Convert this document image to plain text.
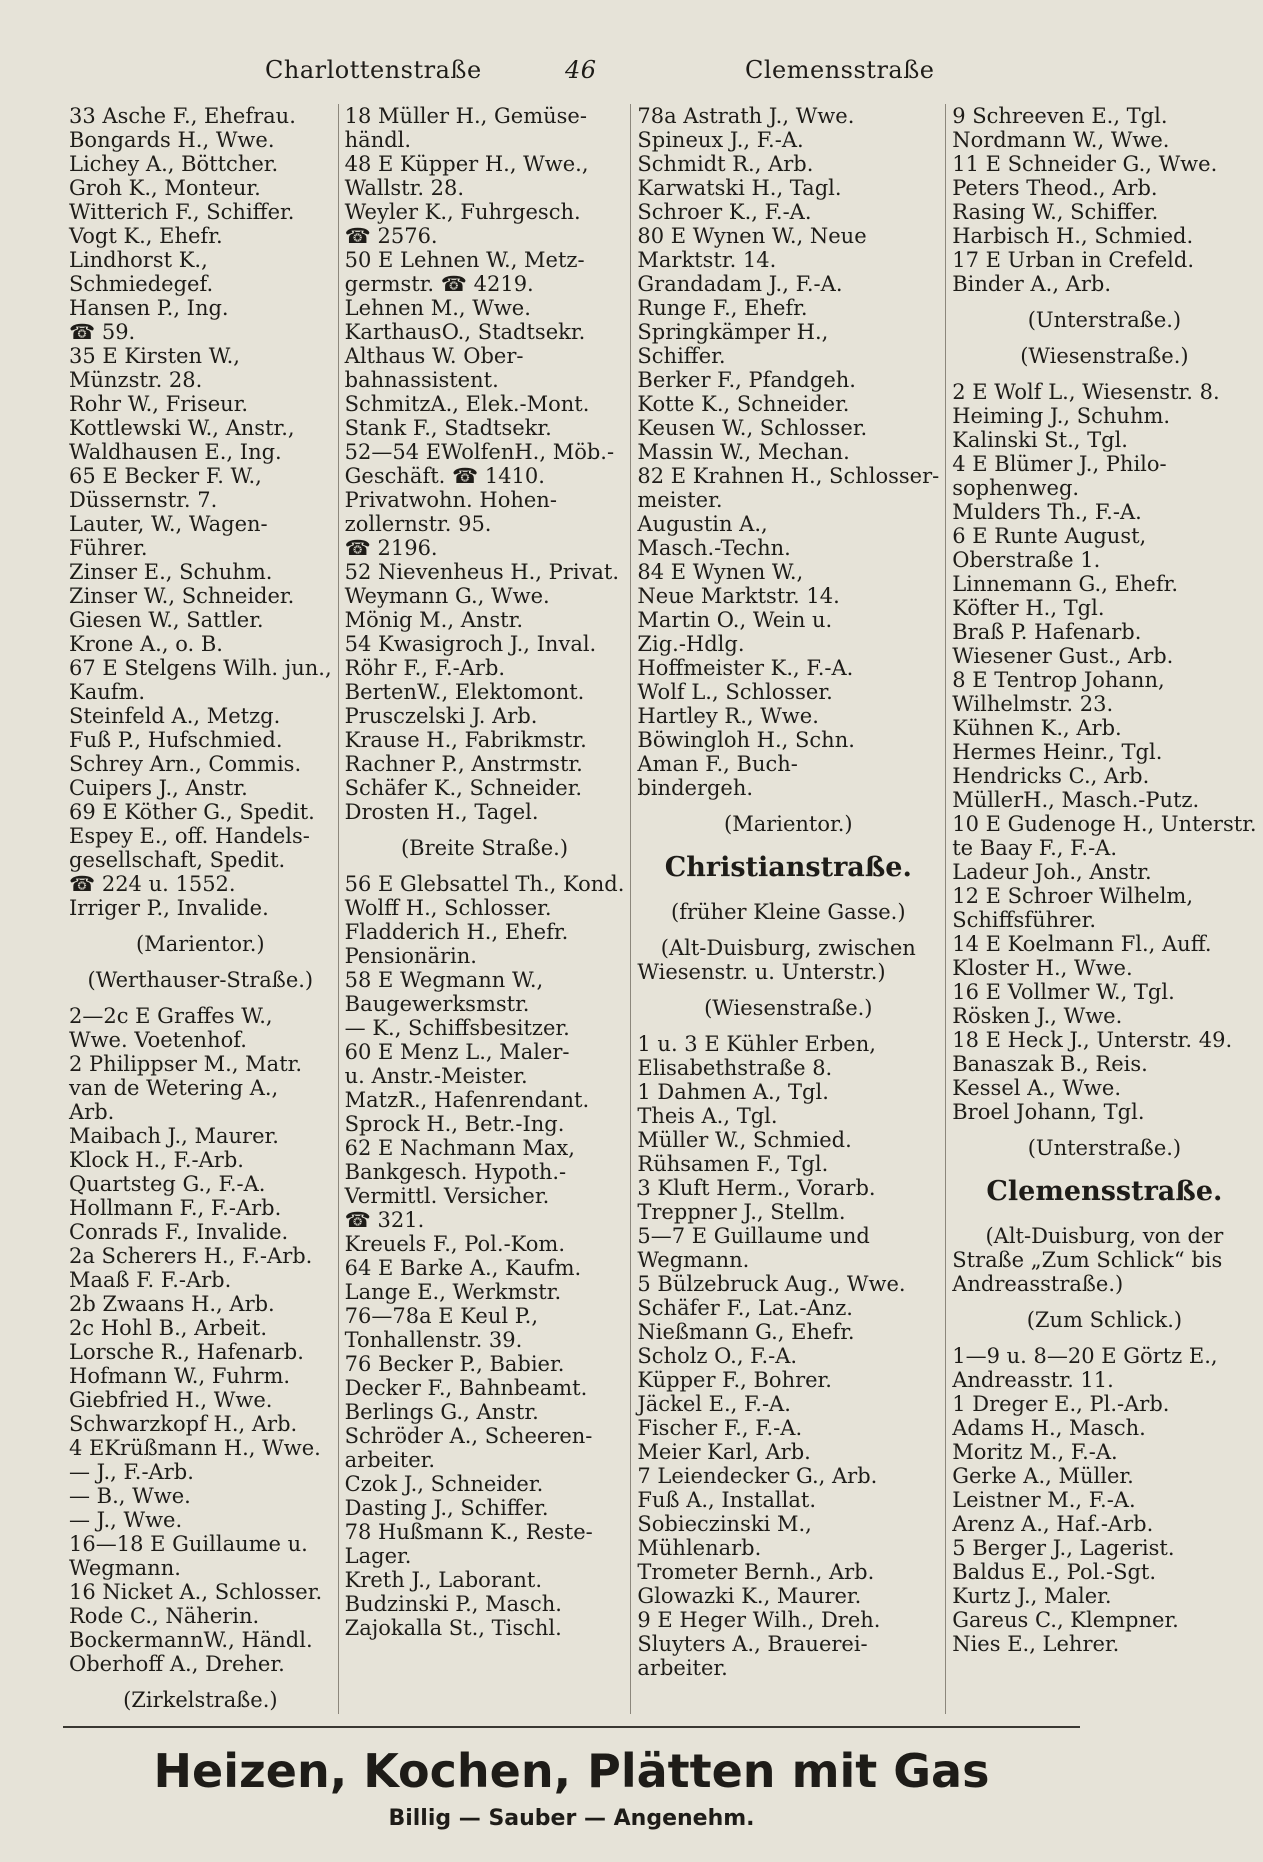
Charlottenstraße	46	Clemensstraße
33 Asche F., Ehefrau.
Bongards H., Wwe.
Lichey A., Böttcher.
Groh K., Monteur.
Witterich F., Schiffer.
Vogt K., Ehefr.
Lindhorst K.,
Schmiedegef.
Hansen P., Ing.
☎ 59.
35 E Kirsten W.,
Münzstr. 28.
Rohr W., Friseur.
Kottlewski W., Anstr.,
Waldhausen E., Ing.
65 E Becker F. W.,
Düssernstr. 7.
Lauter, W., Wagen-
Führer.
Zinser E., Schuhm.
Zinser W., Schneider.
Giesen W., Sattler.
Krone A., o. B.
67 E Stelgens Wilh. jun.,
Kaufm.
Steinfeld A., Metzg.
Fuß P., Hufschmied.
Schrey Arn., Commis.
Cuipers J., Anstr.
69 E Köther G., Spedit.
Espey E., off. Handels-
gesellschaft, Spedit.
☎ 224 u. 1552.
Irriger P., Invalide.
(Marientor.)
(Werthauser-Straße.)
2—2c E Graffes W.,
Wwe. Voetenhof.
2 Philippser M., Matr.
van de Wetering A.,
Arb.
Maibach J., Maurer.
Klock H., F.-Arb.
Quartsteg G., F.-A.
Hollmann F., F.-Arb.
Conrads F., Invalide.
2a Scherers H., F.-Arb.
Maaß F. F.-Arb.
2b Zwaans H., Arb.
2c Hohl B., Arbeit.
Lorsche R., Hafenarb.
Hofmann W., Fuhrm.
Giebfried H., Wwe.
Schwarzkopf H., Arb.
4 EKrüßmann H., Wwe.
— J., F.-Arb.
— B., Wwe.
— J., Wwe.
16—18 E Guillaume u.
Wegmann.
16 Nicket A., Schlosser.
Rode C., Näherin.
BockermannW., Händl.
Oberhoff A., Dreher.
(Zirkelstraße.)
18 Müller H., Gemüse-
händl.
48 E Küpper H., Wwe.,
Wallstr. 28.
Weyler K., Fuhrgesch.
☎ 2576.
50 E Lehnen W., Metz-
germstr. ☎ 4219.
Lehnen M., Wwe.
KarthausO., Stadtsekr.
Althaus W. Ober-
bahnassistent.
SchmitzA., Elek.-Mont.
Stank F., Stadtsekr.
52—54 EWolfenH., Möb.-
Geschäft. ☎ 1410.
Privatwohn. Hohen-
zollernstr. 95.
☎ 2196.
52 Nievenheus H., Privat.
Weymann G., Wwe.
Mönig M., Anstr.
54 Kwasigroch J., Inval.
Röhr F., F.-Arb.
BertenW., Elektomont.
Prusczelski J. Arb.
Krause H., Fabrikmstr.
Rachner P., Anstrmstr.
Schäfer K., Schneider.
Drosten H., Tagel.
(Breite Straße.)
56 E Glebsattel Th., Kond.
Wolff H., Schlosser.
Fladderich H., Ehefr.
Pensionärin.
58 E Wegmann W.,
Baugewerksmstr.
— K., Schiffsbesitzer.
60 E Menz L., Maler-
u. Anstr.-Meister.
MatzR., Hafenrendant.
Sprock H., Betr.-Ing.
62 E Nachmann Max,
Bankgesch. Hypoth.-
Vermittl. Versicher.
☎ 321.
Kreuels F., Pol.-Kom.
64 E Barke A., Kaufm.
Lange E., Werkmstr.
76—78a E Keul P.,
Tonhallenstr. 39.
76 Becker P., Babier.
Decker F., Bahnbeamt.
Berlings G., Anstr.
Schröder A., Scheeren-
arbeiter.
Czok J., Schneider.
Dasting J., Schiffer.
78 Hußmann K., Reste-
Lager.
Kreth J., Laborant.
Budzinski P., Masch.
Zajokalla St., Tischl.
78a Astrath J., Wwe.
Spineux J., F.-A.
Schmidt R., Arb.
Karwatski H., Tagl.
Schroer K., F.-A.
80 E Wynen W., Neue
Marktstr. 14.
Grandadam J., F.-A.
Runge F., Ehefr.
Springkämper H.,
Schiffer.
Berker F., Pfandgeh.
Kotte K., Schneider.
Keusen W., Schlosser.
Massin W., Mechan.
82 E Krahnen H., Schlosser-
meister.
Augustin A.,
Masch.-Techn.
84 E Wynen W.,
Neue Marktstr. 14.
Martin O., Wein u.
Zig.-Hdlg.
Hoffmeister K., F.-A.
Wolf L., Schlosser.
Hartley R., Wwe.
Böwingloh H., Schn.
Aman F., Buch-
bindergeh.
(Marientor.)
Christianstraße.
(früher Kleine Gasse.)
(Alt-Duisburg, zwischen
Wiesenstr. u. Unterstr.)
(Wiesenstraße.)
1 u. 3 E Kühler Erben,
Elisabethstraße 8.
1 Dahmen A., Tgl.
Theis A., Tgl.
Müller W., Schmied.
Rühsamen F., Tgl.
3 Kluft Herm., Vorarb.
Treppner J., Stellm.
5—7 E Guillaume und
Wegmann.
5 Bülzebruck Aug., Wwe.
Schäfer F., Lat.-Anz.
Nießmann G., Ehefr.
Scholz O., F.-A.
Küpper F., Bohrer.
Jäckel E., F.-A.
Fischer F., F.-A.
Meier Karl, Arb.
7 Leiendecker G., Arb.
Fuß A., Installat.
Sobieczinski M.,
Mühlenarb.
Trometer Bernh., Arb.
Glowazki K., Maurer.
9 E Heger Wilh., Dreh.
Sluyters A., Brauerei-
arbeiter.
9 Schreeven E., Tgl.
Nordmann W., Wwe.
11 E Schneider G., Wwe.
Peters Theod., Arb.
Rasing W., Schiffer.
Harbisch H., Schmied.
17 E Urban in Crefeld.
Binder A., Arb.
(Unterstraße.)
(Wiesenstraße.)
2 E Wolf L., Wiesenstr. 8.
Heiming J., Schuhm.
Kalinski St., Tgl.
4 E Blümer J., Philo-
sophenweg.
Mulders Th., F.-A.
6 E Runte August,
Oberstraße 1.
Linnemann G., Ehefr.
Köfter H., Tgl.
Braß P. Hafenarb.
Wiesener Gust., Arb.
8 E Tentrop Johann,
Wilhelmstr. 23.
Kühnen K., Arb.
Hermes Heinr., Tgl.
Hendricks C., Arb.
MüllerH., Masch.-Putz.
10 E Gudenoge H., Unterstr.
te Baay F., F.-A.
Ladeur Joh., Anstr.
12 E Schroer Wilhelm,
Schiffsführer.
14 E Koelmann Fl., Auff.
Kloster H., Wwe.
16 E Vollmer W., Tgl.
Rösken J., Wwe.
18 E Heck J., Unterstr. 49.
Banaszak B., Reis.
Kessel A., Wwe.
Broel Johann, Tgl.
(Unterstraße.)
Clemensstraße.
(Alt-Duisburg, von der
Straße „Zum Schlick“ bis
Andreasstraße.)
(Zum Schlick.)
1—9 u. 8—20 E Görtz E.,
Andreasstr. 11.
1 Dreger E., Pl.-Arb.
Adams H., Masch.
Moritz M., F.-A.
Gerke A., Müller.
Leistner M., F.-A.
Arenz A., Haf.-Arb.
5 Berger J., Lagerist.
Baldus E., Pol.-Sgt.
Kurtz J., Maler.
Gareus C., Klempner.
Nies E., Lehrer.
Heizen, Kochen, Plätten mit Gas
Billig — Sauber — Angenehm.
